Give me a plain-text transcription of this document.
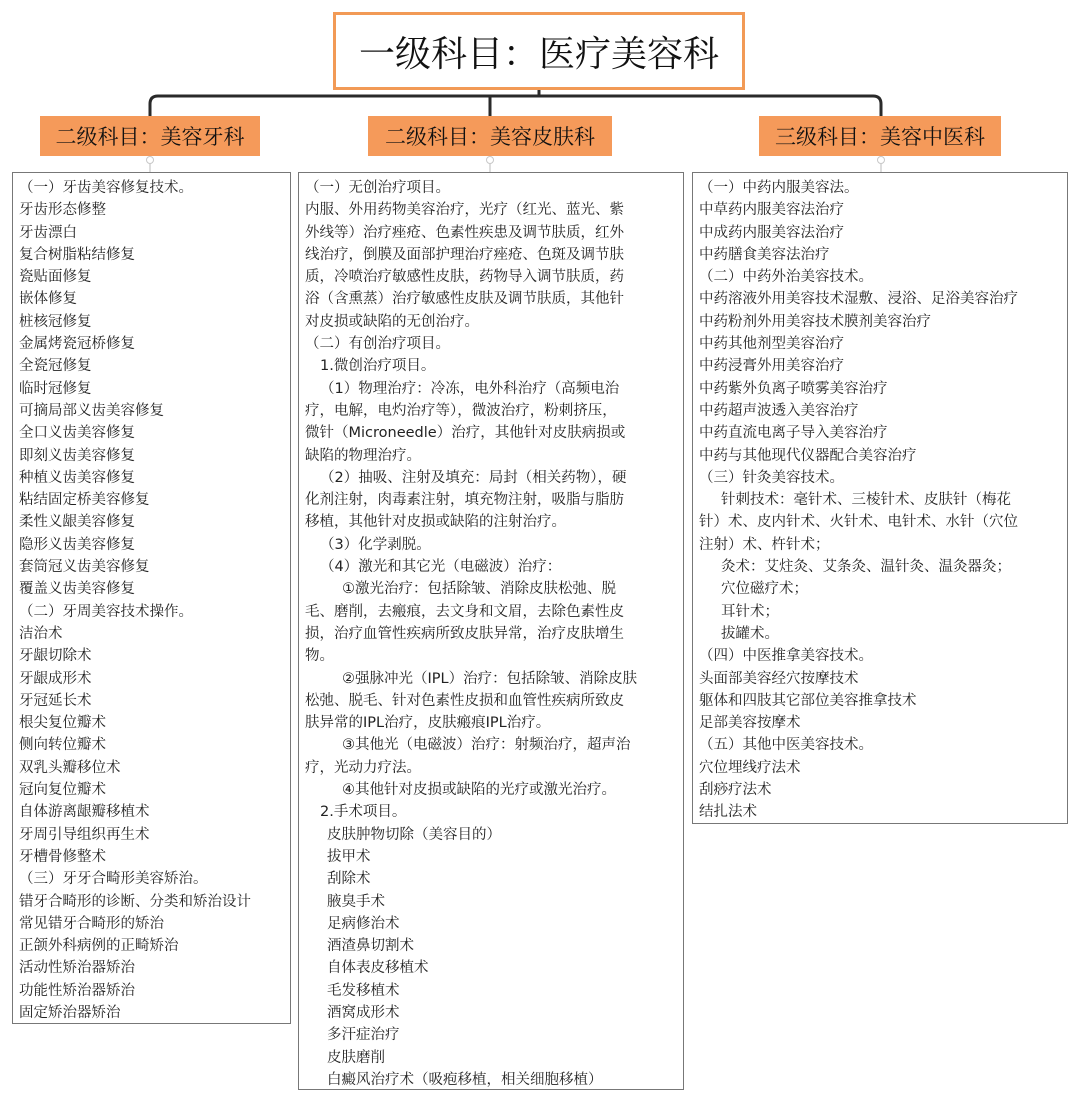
一级科目：医疗美容科
二级科目：美容牙科	二级科目：美容皮肤科	三级科目：美容中医科
（一）牙齿美容修复技术。
牙齿形态修整
牙齿漂白
复合树脂粘结修复
瓷贴面修复
嵌体修复
桩核冠修复
金属烤瓷冠桥修复
全瓷冠修复
临时冠修复
可摘局部义齿美容修复
全口义齿美容修复
即刻义齿美容修复
种植义齿美容修复
粘结固定桥美容修复
柔性义龈美容修复
隐形义齿美容修复
套筒冠义齿美容修复
覆盖义齿美容修复
（二）牙周美容技术操作。
洁治术
牙龈切除术
牙龈成形术
牙冠延长术
根尖复位瓣术
侧向转位瓣术
双乳头瓣移位术
冠向复位瓣术
自体游离龈瓣移植术
牙周引导组织再生术
牙槽骨修整术
（三）牙牙合畸形美容矫治。
错牙合畸形的诊断、分类和矫治设计
常见错牙合畸形的矫治
正颌外科病例的正畸矫治
活动性矫治器矫治
功能性矫治器矫治
固定矫治器矫治
（一）无创治疗项目。
内服、外用药物美容治疗，光疗（红光、蓝光、紫
外线等）治疗痤疮、色素性疾患及调节肤质，红外
线治疗，倒膜及面部护理治疗痤疮、色斑及调节肤
质，冷喷治疗敏感性皮肤，药物导入调节肤质，药
浴（含熏蒸）治疗敏感性皮肤及调节肤质，其他针
对皮损或缺陷的无创治疗。
（二）有创治疗项目。
1.微创治疗项目。
（1）物理治疗：冷冻，电外科治疗（高频电治
疗，电解，电灼治疗等），微波治疗，粉刺挤压，
微针（Microneedle）治疗，其他针对皮肤病损或
缺陷的物理治疗。
（2）抽吸、注射及填充：局封（相关药物），硬
化剂注射，肉毒素注射，填充物注射，吸脂与脂肪
移植，其他针对皮损或缺陷的注射治疗。
（3）化学剥脱。
（4）激光和其它光（电磁波）治疗：
①激光治疗：包括除皱、消除皮肤松弛、脱
毛、磨削，去瘢痕，去文身和文眉，去除色素性皮
损，治疗血管性疾病所致皮肤异常，治疗皮肤增生
物。
②强脉冲光（IPL）治疗：包括除皱、消除皮肤
松弛、脱毛、针对色素性皮损和血管性疾病所致皮
肤异常的IPL治疗，皮肤瘢痕IPL治疗。
③其他光（电磁波）治疗：射频治疗，超声治
疗，光动力疗法。
④其他针对皮损或缺陷的光疗或激光治疗。
2.手术项目。
皮肤肿物切除（美容目的）
拔甲术
刮除术
腋臭手术
足病修治术
酒渣鼻切割术
自体表皮移植术
毛发移植术
酒窝成形术
多汗症治疗
皮肤磨削
白癜风治疗术（吸疱移植，相关细胞移植）
（一）中药内服美容法。
中草药内服美容法治疗
中成药内服美容法治疗
中药膳食美容法治疗
（二）中药外治美容技术。
中药溶液外用美容技术湿敷、浸浴、足浴美容治疗
中药粉剂外用美容技术膜剂美容治疗
中药其他剂型美容治疗
中药浸膏外用美容治疗
中药紫外负离子喷雾美容治疗
中药超声波透入美容治疗
中药直流电离子导入美容治疗
中药与其他现代仪器配合美容治疗
（三）针灸美容技术。
针刺技术：毫针术、三棱针术、皮肤针（梅花
针）术、皮内针术、火针术、电针术、水针（穴位
注射）术、杵针术；
灸术：艾炷灸、艾条灸、温针灸、温灸器灸；
穴位磁疗术；
耳针术；
拔罐术。
（四）中医推拿美容技术。
头面部美容经穴按摩技术
躯体和四肢其它部位美容推拿技术
足部美容按摩术
（五）其他中医美容技术。
穴位埋线疗法术
刮痧疗法术
结扎法术
